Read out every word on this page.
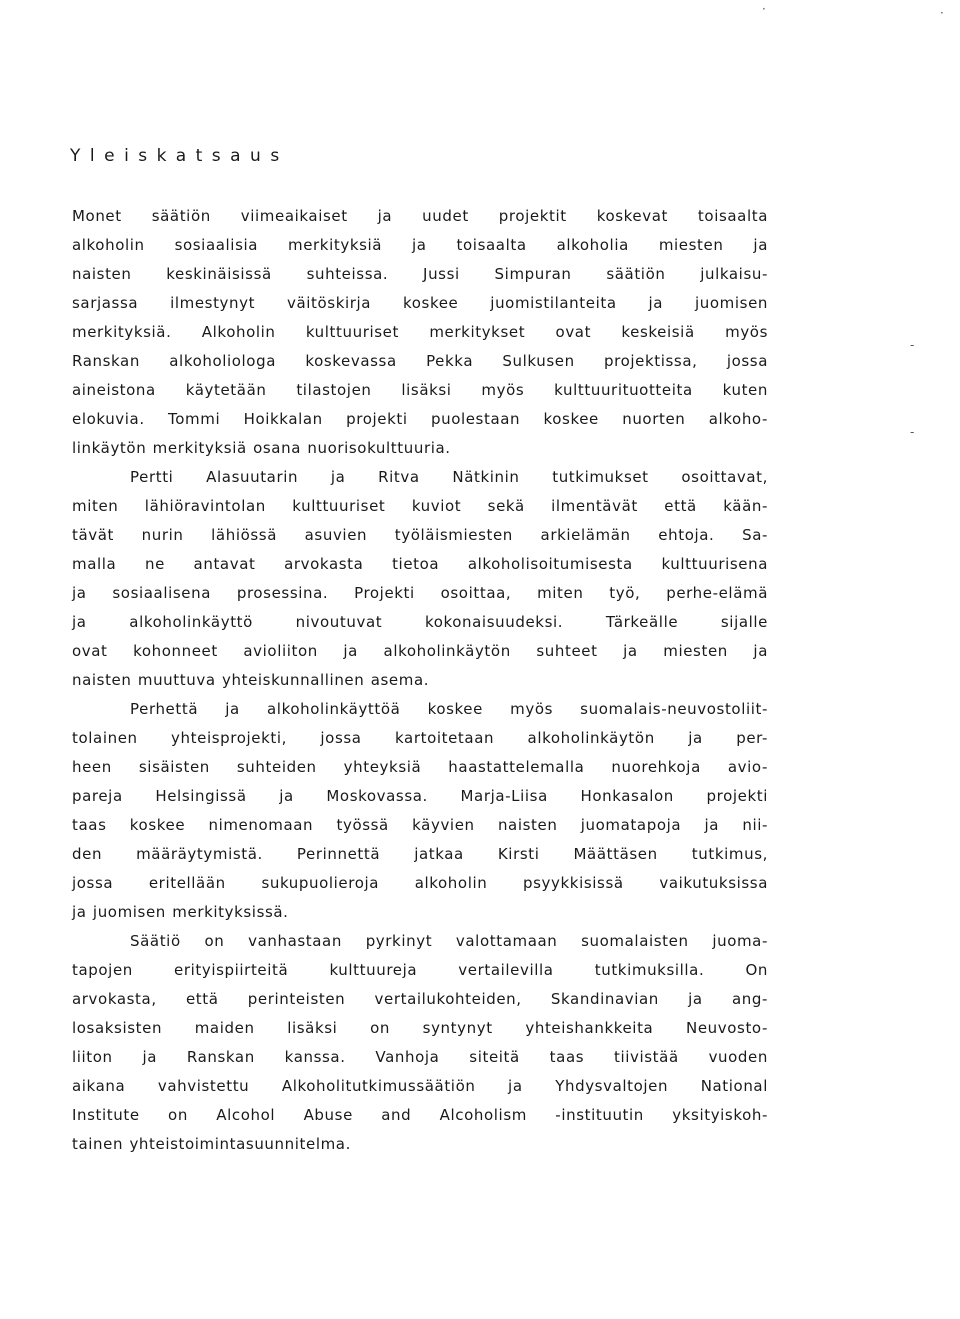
Yleiskatsaus
Monet säätiön viimeaikaiset ja uudet projektit koskevat toisaalta
alkoholin sosiaalisia merkityksiä ja toisaalta alkoholia miesten ja
naisten keskinäisissä suhteissa. Jussi Simpuran säätiön julkaisu-
sarjassa ilmestynyt väitöskirja koskee juomistilanteita ja juomisen
merkityksiä. Alkoholin kulttuuriset merkitykset ovat keskeisiä myös
Ranskan alkoholiologa koskevassa Pekka Sulkusen projektissa, jossa
aineistona käytetään tilastojen lisäksi myös kulttuurituotteita kuten
elokuvia. Tommi Hoikkalan projekti puolestaan koskee nuorten alkoho-
linkäytön merkityksiä osana nuorisokulttuuria.
Pertti Alasuutarin ja Ritva Nätkinin tutkimukset osoittavat,
miten lähiöravintolan kulttuuriset kuviot sekä ilmentävät että kään-
tävät nurin lähiössä asuvien työläismiesten arkielämän ehtoja. Sa-
malla ne antavat arvokasta tietoa alkoholisoitumisesta kulttuurisena
ja sosiaalisena prosessina. Projekti osoittaa, miten työ, perhe-elämä
ja alkoholinkäyttö nivoutuvat kokonaisuudeksi. Tärkeälle sijalle
ovat kohonneet avioliiton ja alkoholinkäytön suhteet ja miesten ja
naisten muuttuva yhteiskunnallinen asema.
Perhettä ja alkoholinkäyttöä koskee myös suomalais-neuvostoliit-
tolainen yhteisprojekti, jossa kartoitetaan alkoholinkäytön ja per-
heen sisäisten suhteiden yhteyksiä haastattelemalla nuorehkoja avio-
pareja Helsingissä ja Moskovassa. Marja-Liisa Honkasalon projekti
taas koskee nimenomaan työssä käyvien naisten juomatapoja ja nii-
den määräytymistä. Perinnettä jatkaa Kirsti Määttäsen tutkimus,
jossa eritellään sukupuolieroja alkoholin psyykkisissä vaikutuksissa
ja juomisen merkityksissä.
Säätiö on vanhastaan pyrkinyt valottamaan suomalaisten juoma-
tapojen erityispiirteitä kulttuureja vertailevilla tutkimuksilla. On
arvokasta, että perinteisten vertailukohteiden, Skandinavian ja ang-
losaksisten maiden lisäksi on syntynyt yhteishankkeita Neuvosto-
liiton ja Ranskan kanssa. Vanhoja siteitä taas tiivistää vuoden
aikana vahvistettu Alkoholitutkimussäätiön ja Yhdysvaltojen National
Institute on Alcohol Abuse and Alcoholism -instituutin yksityiskoh-
tainen yhteistoimintasuunnitelma.
·	·
-
-
